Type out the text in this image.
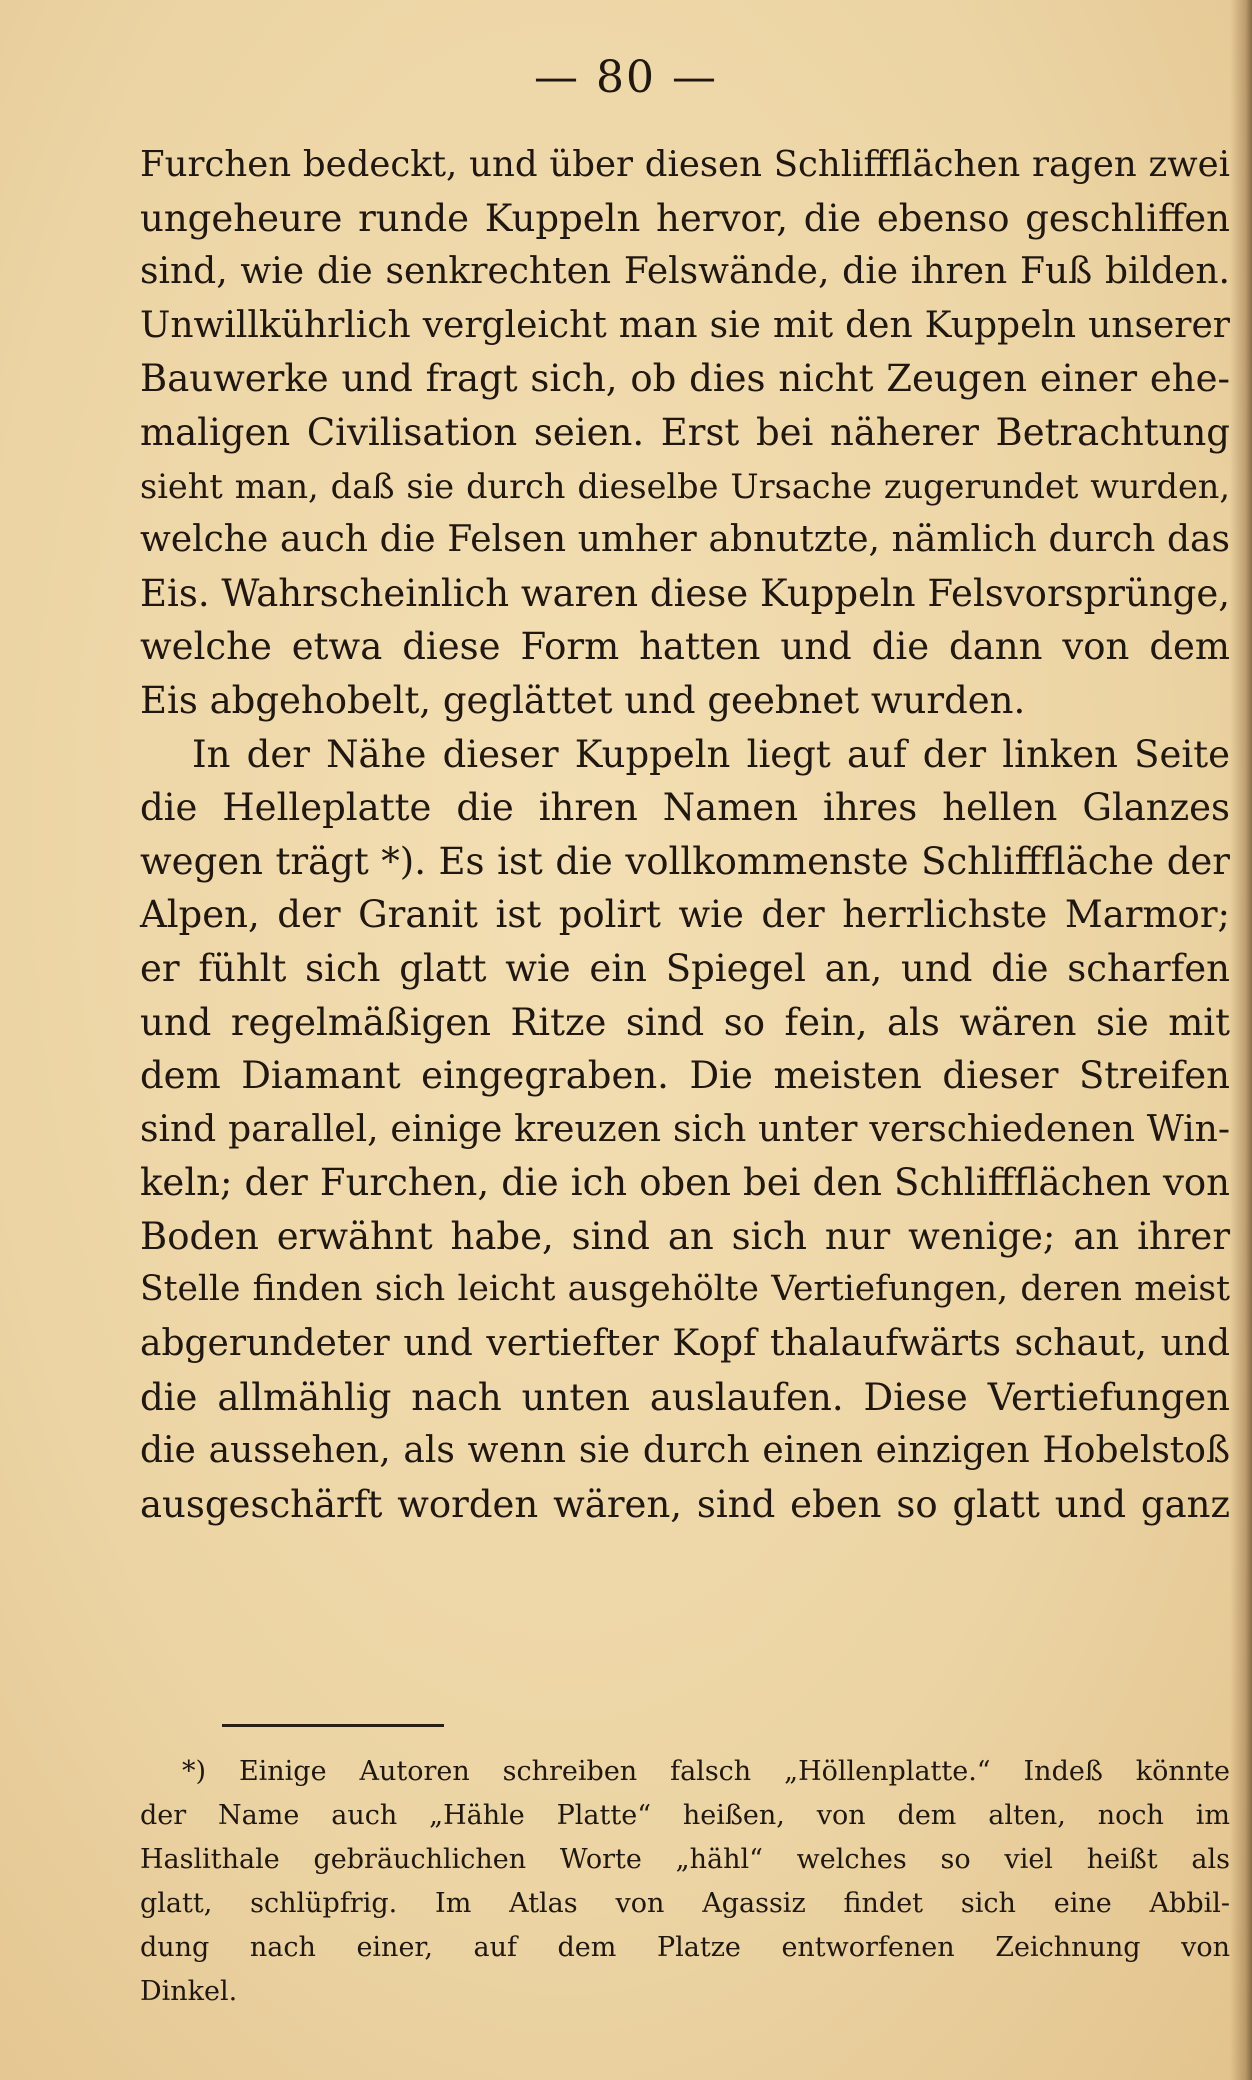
— 80 —
Furchen bedeckt, und über diesen Schliffflächen ragen zwei
ungeheure runde Kuppeln hervor, die ebenso geschliffen
sind, wie die senkrechten Felswände, die ihren Fuß bilden.
Unwillkührlich vergleicht man sie mit den Kuppeln unserer
Bauwerke und fragt sich, ob dies nicht Zeugen einer ehe-
maligen Civilisation seien. Erst bei näherer Betrachtung
sieht man, daß sie durch dieselbe Ursache zugerundet wurden,
welche auch die Felsen umher abnutzte, nämlich durch das
Eis. Wahrscheinlich waren diese Kuppeln Felsvorsprünge,
welche etwa diese Form hatten und die dann von dem
Eis abgehobelt, geglättet und geebnet wurden.
In der Nähe dieser Kuppeln liegt auf der linken Seite
die Helleplatte die ihren Namen ihres hellen Glanzes
wegen trägt *). Es ist die vollkommenste Schlifffläche der
Alpen, der Granit ist polirt wie der herrlichste Marmor;
er fühlt sich glatt wie ein Spiegel an, und die scharfen
und regelmäßigen Ritze sind so fein, als wären sie mit
dem Diamant eingegraben. Die meisten dieser Streifen
sind parallel, einige kreuzen sich unter verschiedenen Win-
keln; der Furchen, die ich oben bei den Schliffflächen von
Boden erwähnt habe, sind an sich nur wenige; an ihrer
Stelle finden sich leicht ausgehölte Vertiefungen, deren meist
abgerundeter und vertiefter Kopf thalaufwärts schaut, und
die allmählig nach unten auslaufen. Diese Vertiefungen
die aussehen, als wenn sie durch einen einzigen Hobelstoß
ausgeschärft worden wären, sind eben so glatt und ganz
*) Einige Autoren schreiben falsch „Höllenplatte.“ Indeß könnte
der Name auch „Hähle Platte“ heißen, von dem alten, noch im
Haslithale gebräuchlichen Worte „hähl“ welches so viel heißt als
glatt, schlüpfrig. Im Atlas von Agassiz findet sich eine Abbil-
dung nach einer, auf dem Platze entworfenen Zeichnung von
Dinkel.
